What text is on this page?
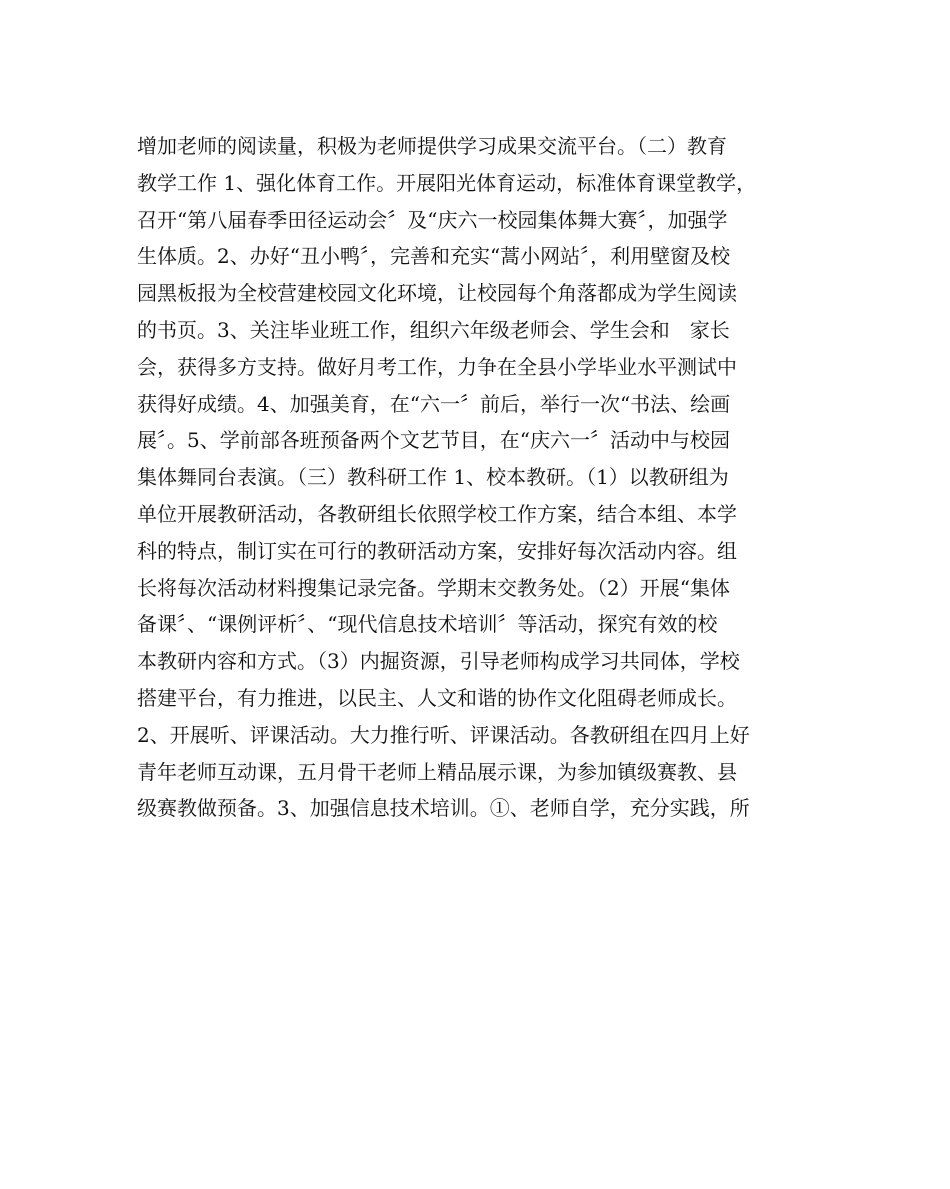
增加老师的阅读量，积极为老师提供学习成果交流平台。（二）教育
教学工作 1、强化体育工作。开展阳光体育运动，标准体育课堂教学，
召开“第八届春季田径运动会〞及“庆六一校园集体舞大赛〞，加强学
生体质。2、办好“丑小鸭〞，完善和充实“蒿小网站〞，利用壁窗及校
园黑板报为全校营建校园文化环境，让校园每个角落都成为学生阅读
的书页。3、关注毕业班工作，组织六年级老师会、学生会和　家长
会，获得多方支持。做好月考工作，力争在全县小学毕业水平测试中
获得好成绩。4、加强美育，在“六一〞前后，举行一次“书法、绘画
展〞。5、学前部各班预备两个文艺节目，在“庆六一〞活动中与校园
集体舞同台表演。（三）教科研工作 1、校本教研。（1）以教研组为
单位开展教研活动，各教研组长依照学校工作方案，结合本组、本学
科的特点，制订实在可行的教研活动方案，安排好每次活动内容。组
长将每次活动材料搜集记录完备。学期末交教务处。（2）开展“集体
备课〞、“课例评析〞、“现代信息技术培训〞等活动，探究有效的校
本教研内容和方式。（3）内掘资源，引导老师构成学习共同体，学校
搭建平台，有力推进，以民主、人文和谐的协作文化阻碍老师成长。
2、开展听、评课活动。大力推行听、评课活动。各教研组在四月上好
青年老师互动课，五月骨干老师上精品展示课，为参加镇级赛教、县
级赛教做预备。3、加强信息技术培训。①、老师自学，充分实践，所
